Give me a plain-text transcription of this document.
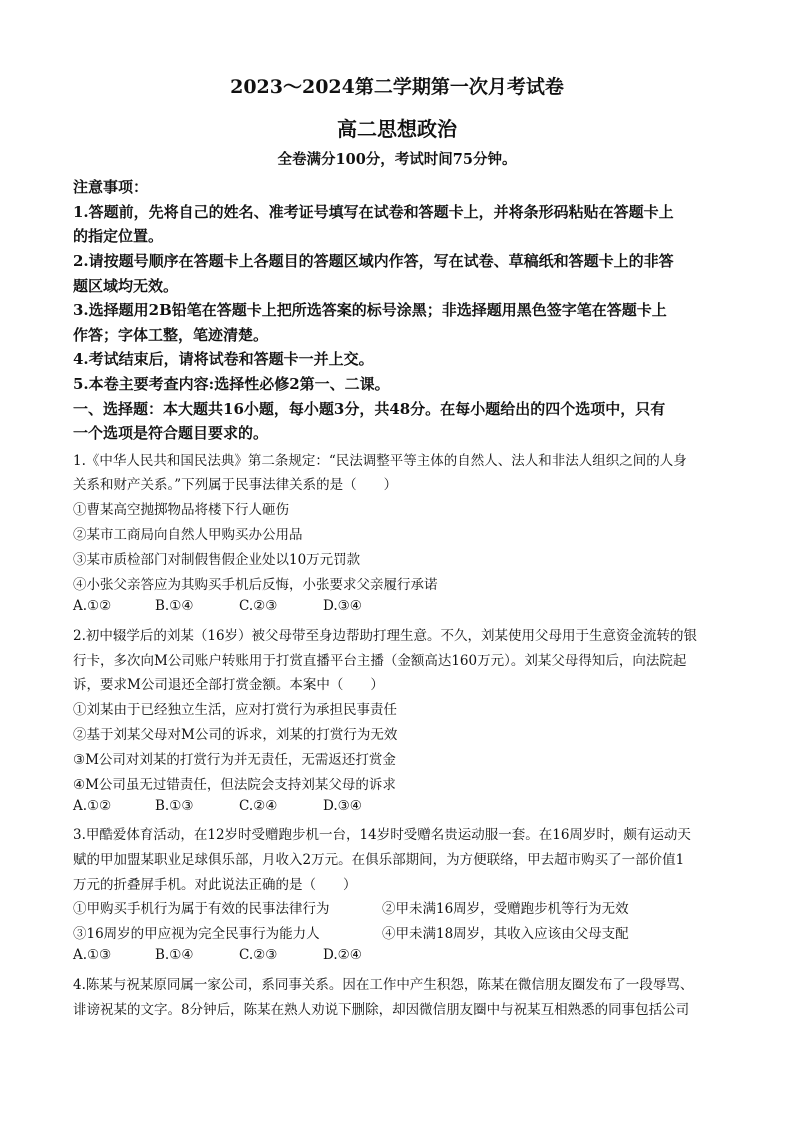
2023～2024第二学期第一次月考试卷
高二思想政治
全卷满分100分，考试时间75分钟。
注意事项：
1.答题前，先将自己的姓名、准考证号填写在试卷和答题卡上，并将条形码粘贴在答题卡上
的指定位置。
2.请按题号顺序在答题卡上各题目的答题区域内作答，写在试卷、草稿纸和答题卡上的非答
题区域均无效。
3.选择题用2B铅笔在答题卡上把所选答案的标号涂黑；非选择题用黑色签字笔在答题卡上
作答；字体工整，笔迹清楚。
4.考试结束后，请将试卷和答题卡一并上交。
5.本卷主要考查内容:选择性必修2第一、二课。
一、选择题：本大题共16小题，每小题3分，共48分。在每小题给出的四个选项中，只有
一个选项是符合题目要求的。
1.《中华人民共和国民法典》第二条规定：“民法调整平等主体的自然人、法人和非法人组织之间的人身
关系和财产关系。”下列属于民事法律关系的是（　　）
①曹某高空抛掷物品将楼下行人砸伤
②某市工商局向自然人甲购买办公用品
③某市质检部门对制假售假企业处以10万元罚款
④小张父亲答应为其购买手机后反悔，小张要求父亲履行承诺
A.①②	B.①④	C.②③	D.③④
2.初中辍学后的刘某（16岁）被父母带至身边帮助打理生意。不久，刘某使用父母用于生意资金流转的银
行卡，多次向M公司账户转账用于打赏直播平台主播（金额高达160万元）。刘某父母得知后，向法院起
诉，要求M公司退还全部打赏金额。本案中（　　）
①刘某由于已经独立生活，应对打赏行为承担民事责任
②基于刘某父母对M公司的诉求，刘某的打赏行为无效
③M公司对刘某的打赏行为并无责任，无需返还打赏金
④M公司虽无过错责任，但法院会支持刘某父母的诉求
A.①②	B.①③	C.②④	D.③④
3.甲酷爱体育活动，在12岁时受赠跑步机一台，14岁时受赠名贵运动服一套。在16周岁时，颇有运动天
赋的甲加盟某职业足球俱乐部，月收入2万元。在俱乐部期间，为方便联络，甲去超市购买了一部价值1
万元的折叠屏手机。对此说法正确的是（　　）
①甲购买手机行为属于有效的民事法律行为	②甲未满16周岁，受赠跑步机等行为无效
③16周岁的甲应视为完全民事行为能力人	④甲未满18周岁，其收入应该由父母支配
A.①③	B.①④	C.②③	D.②④
4.陈某与祝某原同属一家公司，系同事关系。因在工作中产生积怨，陈某在微信朋友圈发布了一段辱骂、
诽谤祝某的文字。8分钟后，陈某在熟人劝说下删除，却因微信朋友圈中与祝某互相熟悉的同事包括公司
